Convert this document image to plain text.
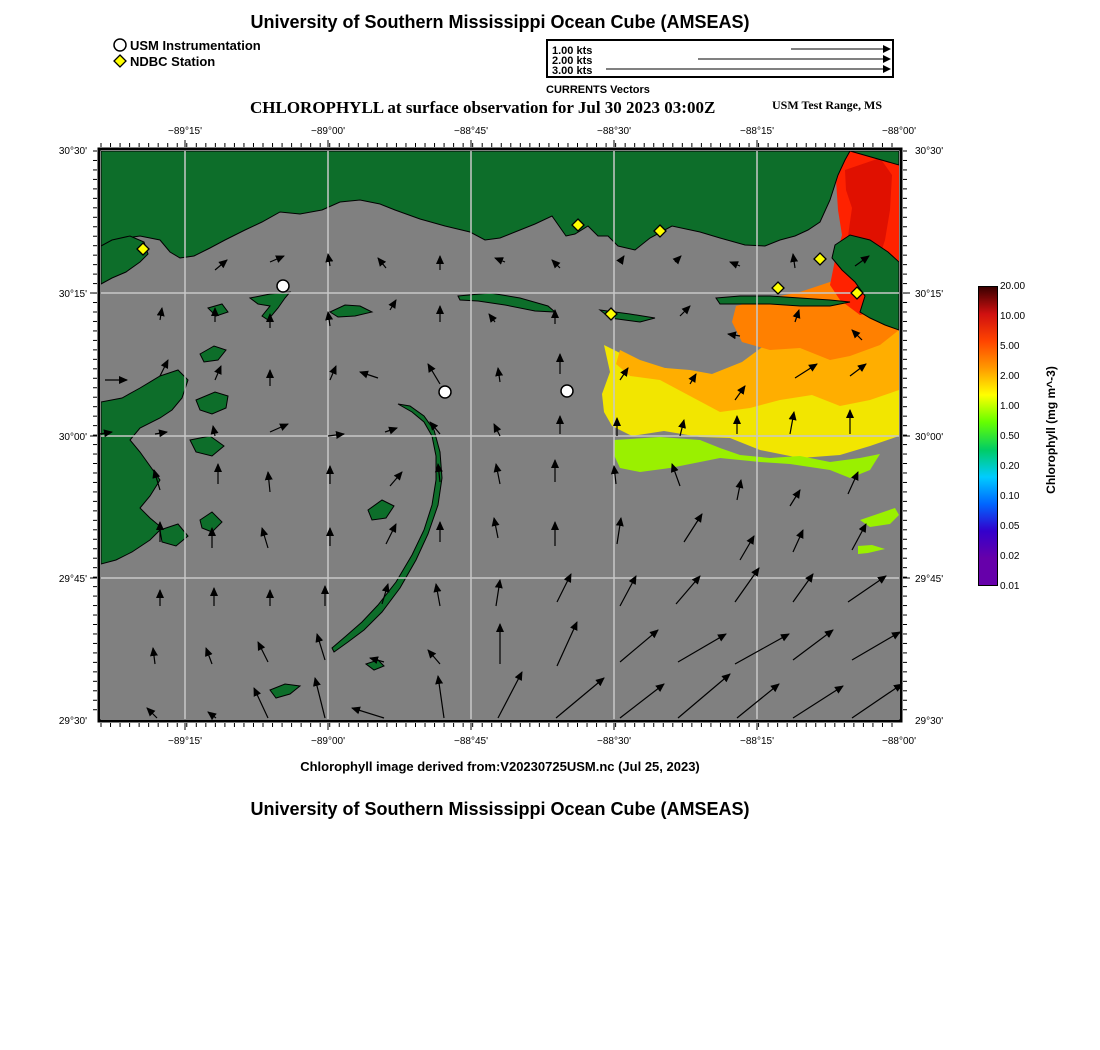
University of Southern Mississippi Ocean Cube (AMSEAS)
USM Instrumentation
NDBC Station
1.00 kts
2.00 kts
3.00 kts
CURRENTS Vectors
CHLOROPHYLL at surface observation for Jul 30 2023 03:00Z	USM Test Range, MS
−89°15'	−89°00'	−88°45'	−88°30'	−88°15'	−88°00'
−89°15'	−89°00'	−88°45'	−88°30'	−88°15'	−88°00'
30°30'
30°15'
30°00'
29°45'
29°30'
30°30'
30°15'
30°00'
29°45'
29°30'
20.00
10.00
5.00
2.00
1.00
0.50
0.20
0.10
0.05
0.02
0.01
Chlorophyll (mg m^-3)
Chlorophyll image derived from:V20230725USM.nc (Jul 25, 2023)
University of Southern Mississippi Ocean Cube (AMSEAS)
